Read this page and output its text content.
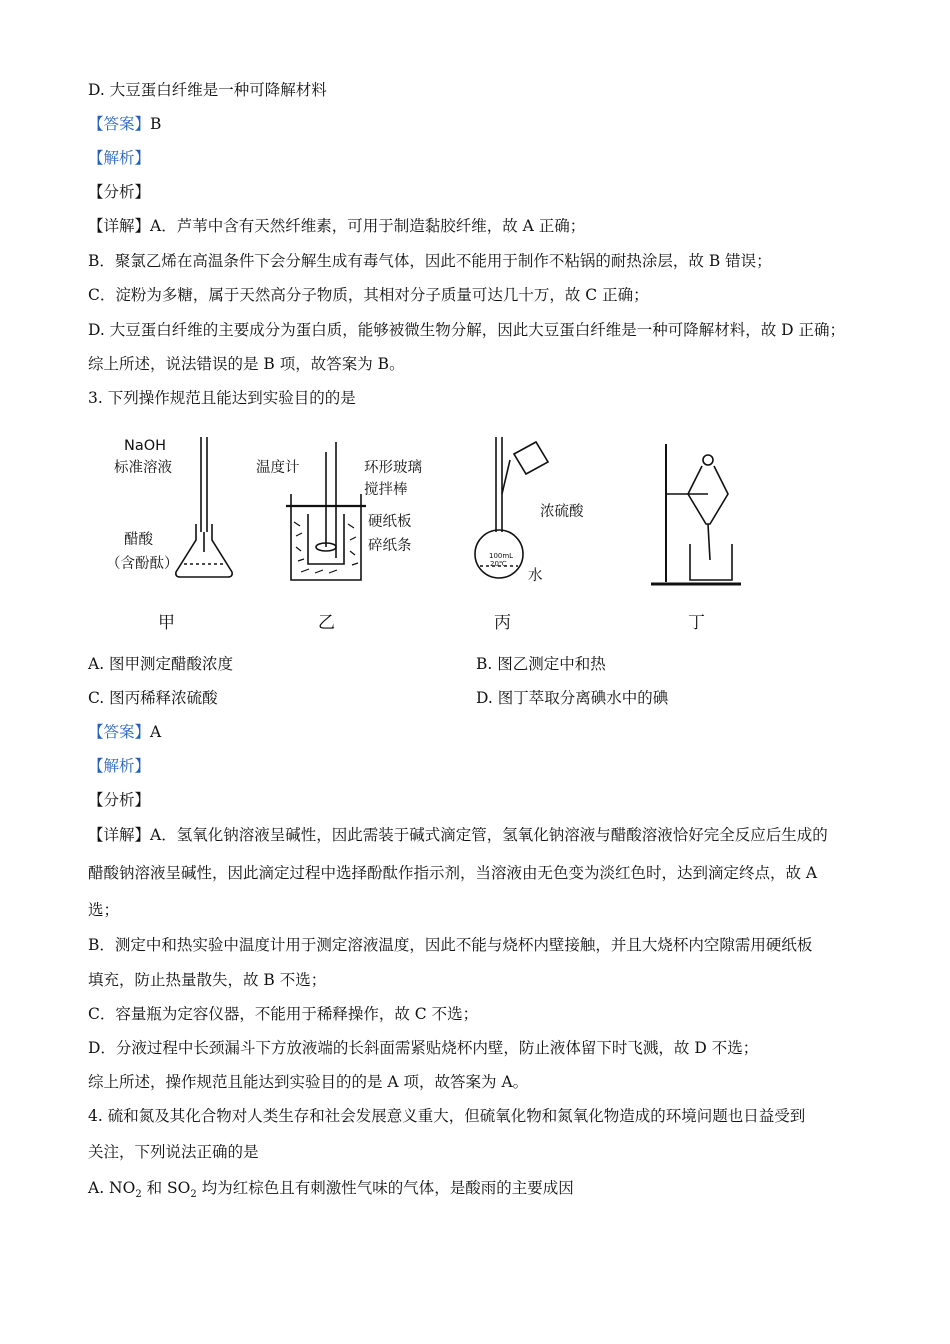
D. 大豆蛋白纤维是一种可降解材料
【答案】B
【解析】
【分析】
【详解】A．芦苇中含有天然纤维素，可用于制造黏胶纤维，故 A 正确；
B．聚氯乙烯在高温条件下会分解生成有毒气体，因此不能用于制作不粘锅的耐热涂层，故 B 错误；
C．淀粉为多糖，属于天然高分子物质，其相对分子质量可达几十万，故 C 正确；
D. 大豆蛋白纤维的主要成分为蛋白质，能够被微生物分解，因此大豆蛋白纤维是一种可降解材料，故 D 正确；
综上所述，说法错误的是 B 项，故答案为 B。
3. 下列操作规范且能达到实验目的的是
NaOH
标准溶液
醋酸
（含酚酞）
温度计	环形玻璃
搅拌棒
硬纸板
碎纸条
浓硫酸
水
100mL
20℃
甲	乙	丙	丁
A. 图甲测定醋酸浓度	B. 图乙测定中和热
C. 图丙稀释浓硫酸	D. 图丁萃取分离碘水中的碘
【答案】A
【解析】
【分析】
【详解】A．氢氧化钠溶液呈碱性，因此需装于碱式滴定管，氢氧化钠溶液与醋酸溶液恰好完全反应后生成的
醋酸钠溶液呈碱性，因此滴定过程中选择酚酞作指示剂，当溶液由无色变为淡红色时，达到滴定终点，故 A
选；
B．测定中和热实验中温度计用于测定溶液温度，因此不能与烧杯内壁接触，并且大烧杯内空隙需用硬纸板
填充，防止热量散失，故 B 不选；
C．容量瓶为定容仪器，不能用于稀释操作，故 C 不选；
D．分液过程中长颈漏斗下方放液端的长斜面需紧贴烧杯内壁，防止液体留下时飞溅，故 D 不选；
综上所述，操作规范且能达到实验目的的是 A 项，故答案为 A。
4. 硫和氮及其化合物对人类生存和社会发展意义重大，但硫氧化物和氮氧化物造成的环境问题也日益受到
关注，下列说法正确的是
A. $NO_2$ 和 $SO_2$ 均为红棕色且有刺激性气味的气体，是酸雨的主要成因
